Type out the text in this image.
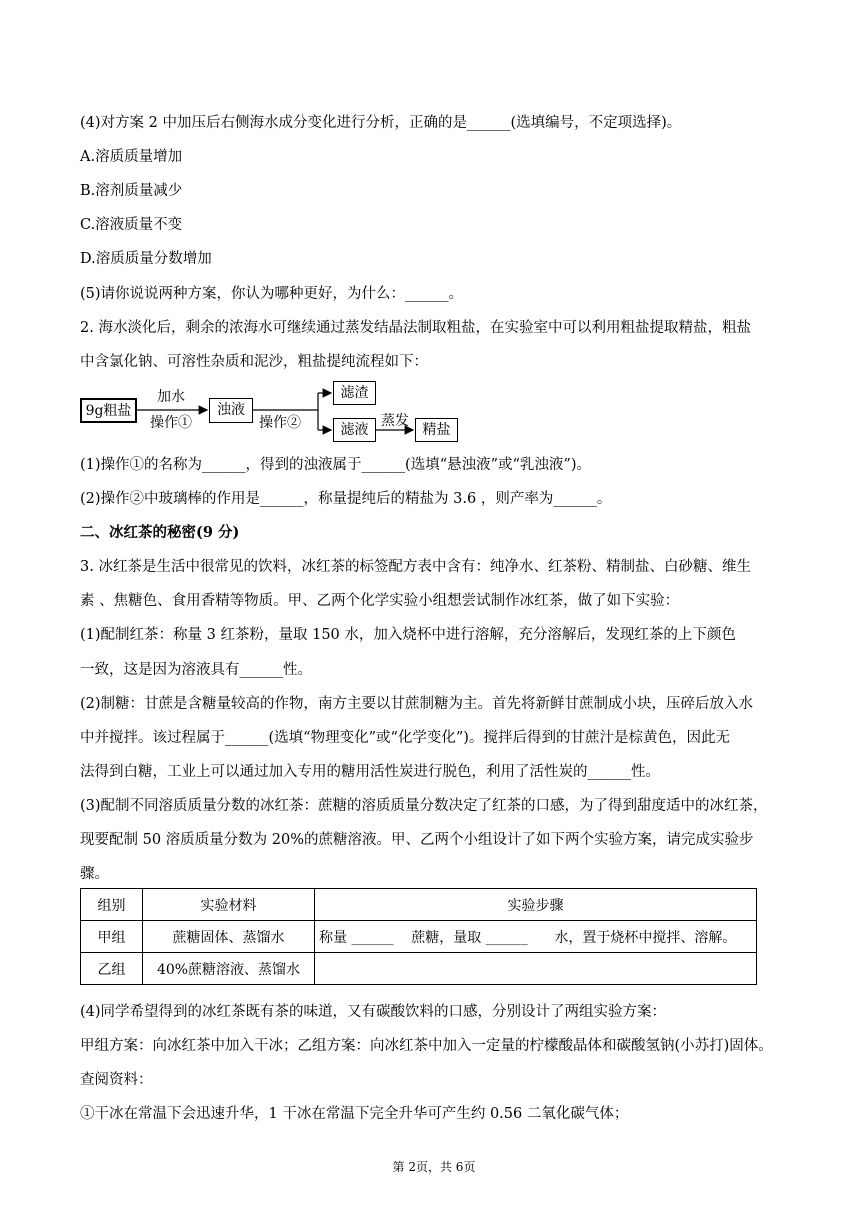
(4)对方案 2 中加压后右侧海水成分变化进行分析，正确的是______(选填编号，不定项选择)。
A.溶质质量增加
B.溶剂质量减少
C.溶液质量不变
D.溶质质量分数增加
(5)请你说说两种方案，你认为哪种更好，为什么：______。
2. 海水淡化后，剩余的浓海水可继续通过蒸发结晶法制取粗盐，在实验室中可以利用粗盐提取精盐，粗盐
中含氯化钠、可溶性杂质和泥沙，粗盐提纯流程如下：
9g粗盐
加水
操作①
浊液
操作②
滤渣
滤液
蒸发
精盐
(1)操作①的名称为______，得到的浊液属于______(选填“悬浊液”或“乳浊液”)。
(2)操作②中玻璃棒的作用是______，称量提纯后的精盐为 3.6 ，则产率为______。
二、冰红茶的秘密(9 分)
3. 冰红茶是生活中很常见的饮料，冰红茶的标签配方表中含有：纯净水、红茶粉、精制盐、白砂糖、维生
素 、焦糖色、食用香精等物质。甲、乙两个化学实验小组想尝试制作冰红茶，做了如下实验：
(1)配制红茶：称量 3 红茶粉，量取 150 水，加入烧杯中进行溶解，充分溶解后，发现红茶的上下颜色
一致，这是因为溶液具有______性。
(2)制糖：甘蔗是含糖量较高的作物，南方主要以甘蔗制糖为主。首先将新鲜甘蔗制成小块，压碎后放入水
中并搅拌。该过程属于______(选填“物理变化”或“化学变化”)。搅拌后得到的甘蔗汁是棕黄色，因此无
法得到白糖，工业上可以通过加入专用的糖用活性炭进行脱色，利用了活性炭的______性。
(3)配制不同溶质质量分数的冰红茶：蔗糖的溶质质量分数决定了红茶的口感，为了得到甜度适中的冰红茶，
现要配制 50 溶质质量分数为 20%的蔗糖溶液。甲、乙两个小组设计了如下两个实验方案，请完成实验步
骤。
组别	实验材料	实验步骤
甲组	蔗糖固体、蒸馏水	称量 ______    蔗糖，量取 ______      水，置于烧杯中搅拌、溶解。
乙组	40%蔗糖溶液、蒸馏水	
(4)同学希望得到的冰红茶既有茶的味道，又有碳酸饮料的口感，分别设计了两组实验方案：
甲组方案：向冰红茶中加入干冰；乙组方案：向冰红茶中加入一定量的柠檬酸晶体和碳酸氢钠(小苏打)固体。
查阅资料：
①干冰在常温下会迅速升华，1 干冰在常温下完全升华可产生约 0.56 二氧化碳气体；
第 2页，共 6页
